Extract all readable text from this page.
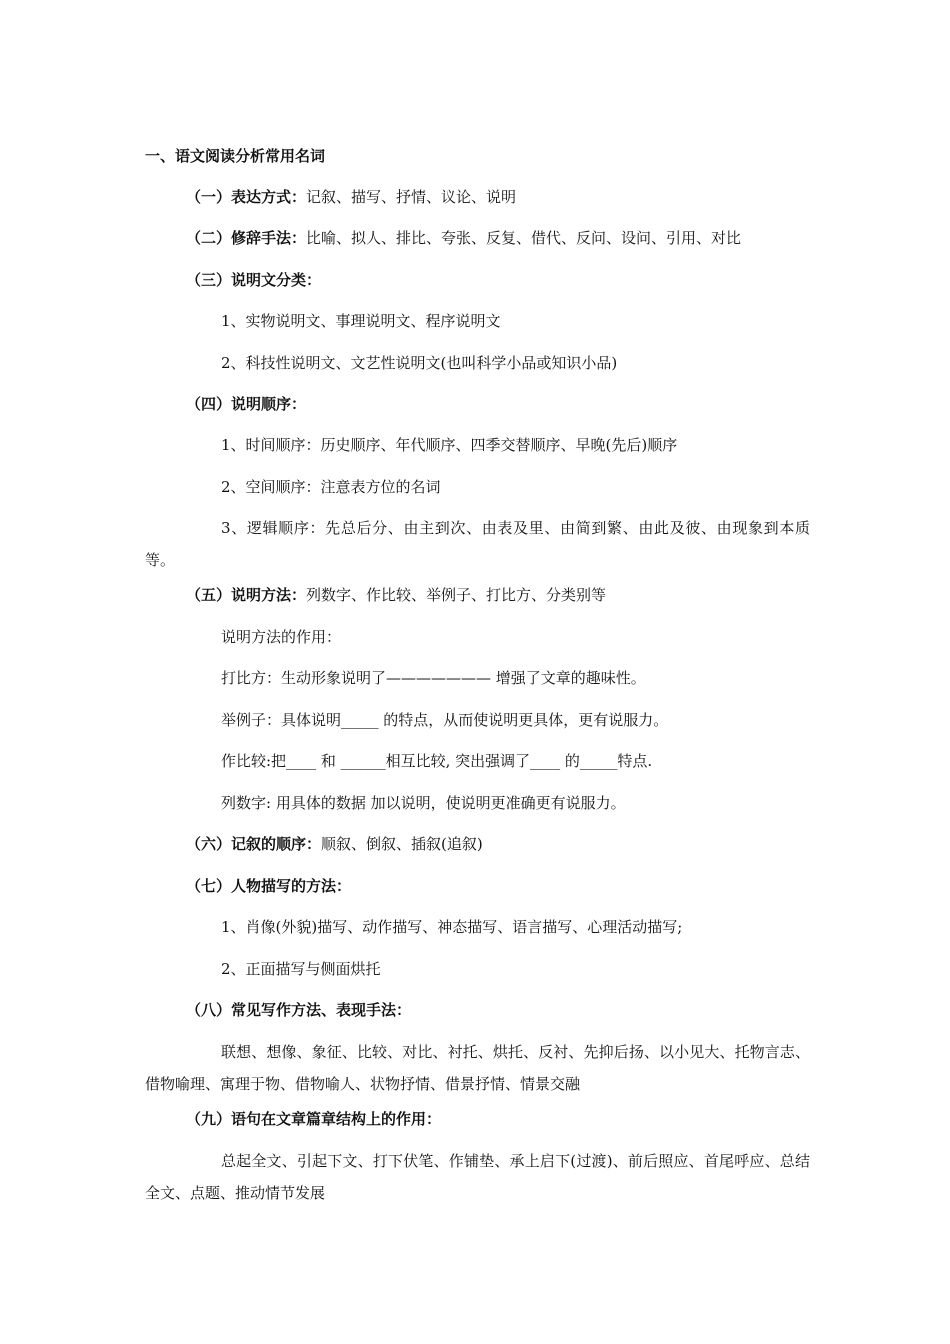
一、语文阅读分析常用名词
（一）表达方式：记叙、描写、抒情、议论、说明
（二）修辞手法：比喻、拟人、排比、夸张、反复、借代、反问、设问、引用、对比
（三）说明文分类：
1、实物说明文、事理说明文、程序说明文
2、科技性说明文、文艺性说明文(也叫科学小品或知识小品)
（四）说明顺序：
1、时间顺序：历史顺序、年代顺序、四季交替顺序、早晚(先后)顺序
2、空间顺序：注意表方位的名词
3、逻辑顺序：先总后分、由主到次、由表及里、由简到繁、由此及彼、由现象到本质等。
（五）说明方法：列数字、作比较、举例子、打比方、分类别等
说明方法的作用：
打比方：生动形象说明了——————— 增强了文章的趣味性。
举例子：具体说明_____ 的特点，从而使说明更具体，更有说服力。
作比较:把____ 和 ______相互比较, 突出强调了____ 的_____特点.
列数字: 用具体的数据 加以说明，使说明更准确更有说服力。
（六）记叙的顺序：顺叙、倒叙、插叙(追叙)
（七）人物描写的方法：
1、肖像(外貌)描写、动作描写、神态描写、语言描写、心理活动描写;
2、正面描写与侧面烘托
（八）常见写作方法、表现手法：
联想、想像、象征、比较、对比、衬托、烘托、反衬、先抑后扬、以小见大、托物言志、借物喻理、寓理于物、借物喻人、状物抒情、借景抒情、情景交融
（九）语句在文章篇章结构上的作用：
总起全文、引起下文、打下伏笔、作铺垫、承上启下(过渡)、前后照应、首尾呼应、总结全文、点题、推动情节发展
